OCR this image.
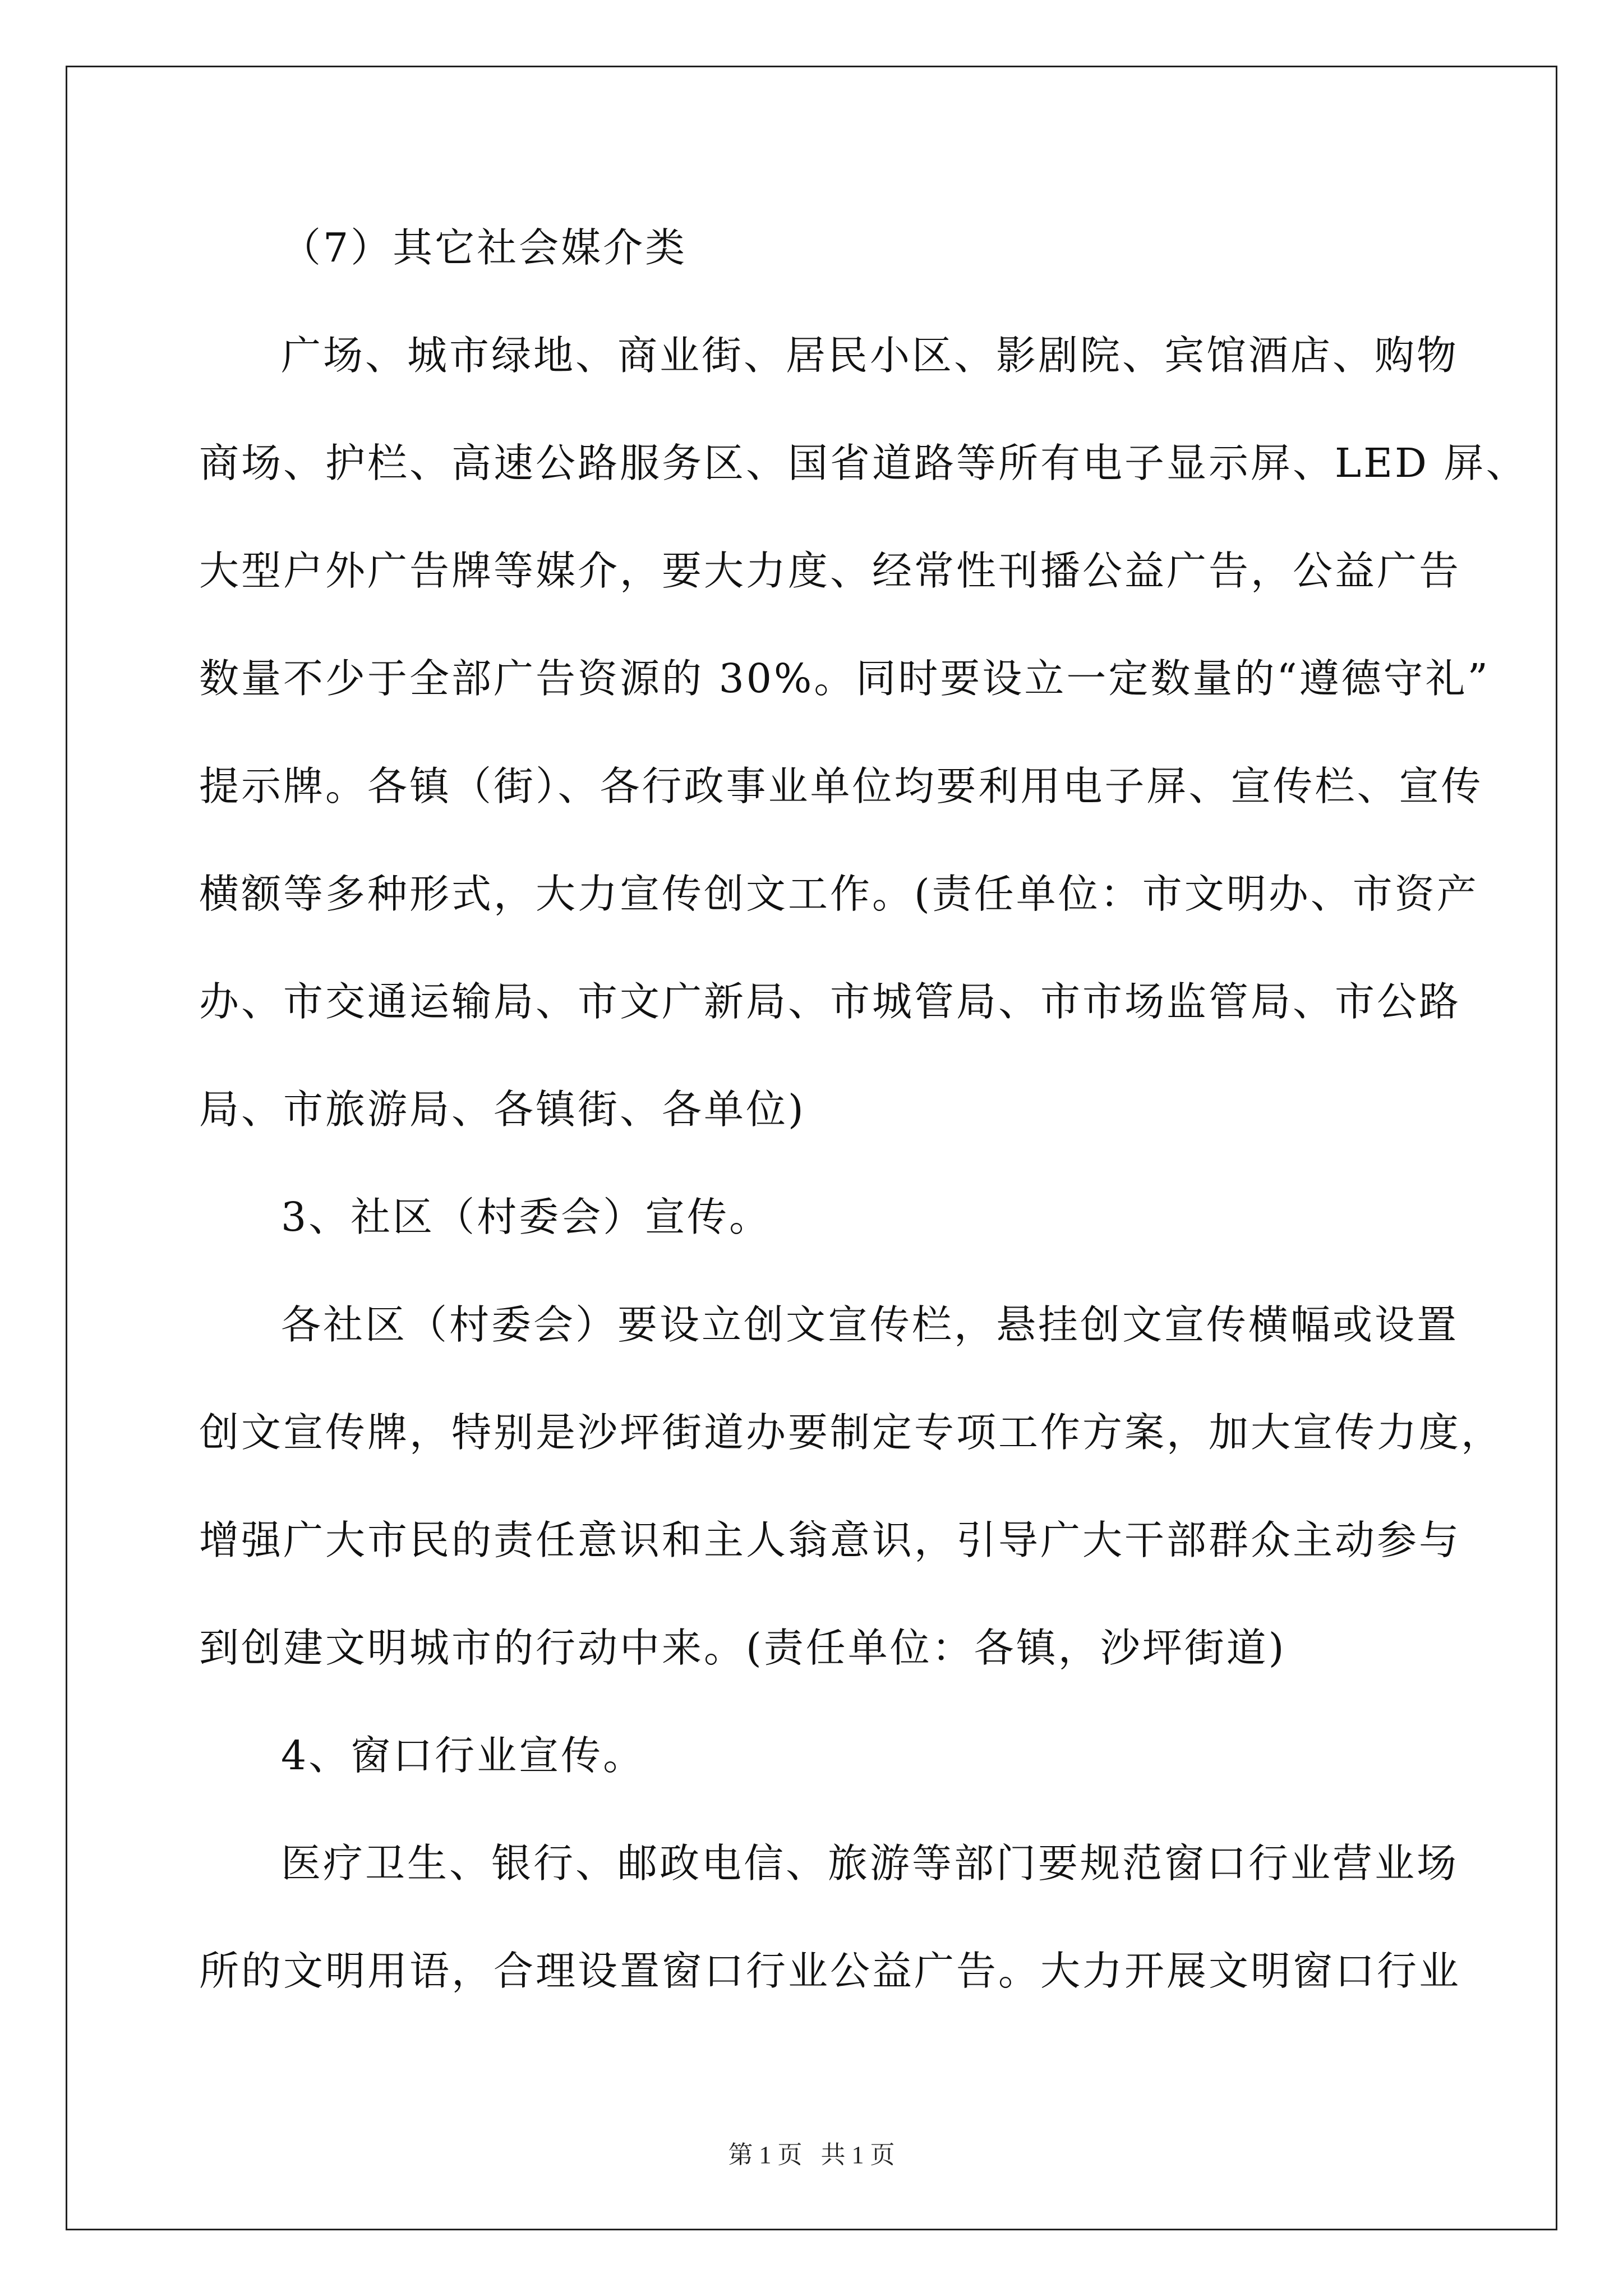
（7）其它社会媒介类
广场、城市绿地、商业街、居民小区、影剧院、宾馆酒店、购物
商场、护栏、高速公路服务区、国省道路等所有电子显示屏、LED 屏、
大型户外广告牌等媒介，要大力度、经常性刊播公益广告，公益广告
数量不少于全部广告资源的 30%。同时要设立一定数量的“遵德守礼”
提示牌。各镇（街）、各行政事业单位均要利用电子屏、宣传栏、宣传
横额等多种形式，大力宣传创文工作。(责任单位：市文明办、市资产
办、市交通运输局、市文广新局、市城管局、市市场监管局、市公路
局、市旅游局、各镇街、各单位)
3、社区（村委会）宣传。
各社区（村委会）要设立创文宣传栏，悬挂创文宣传横幅或设置
创文宣传牌，特别是沙坪街道办要制定专项工作方案，加大宣传力度，
增强广大市民的责任意识和主人翁意识，引导广大干部群众主动参与
到创建文明城市的行动中来。(责任单位：各镇，沙坪街道)
4、窗口行业宣传。
医疗卫生、银行、邮政电信、旅游等部门要规范窗口行业营业场
所的文明用语，合理设置窗口行业公益广告。大力开展文明窗口行业
第 1 页   共 1 页
